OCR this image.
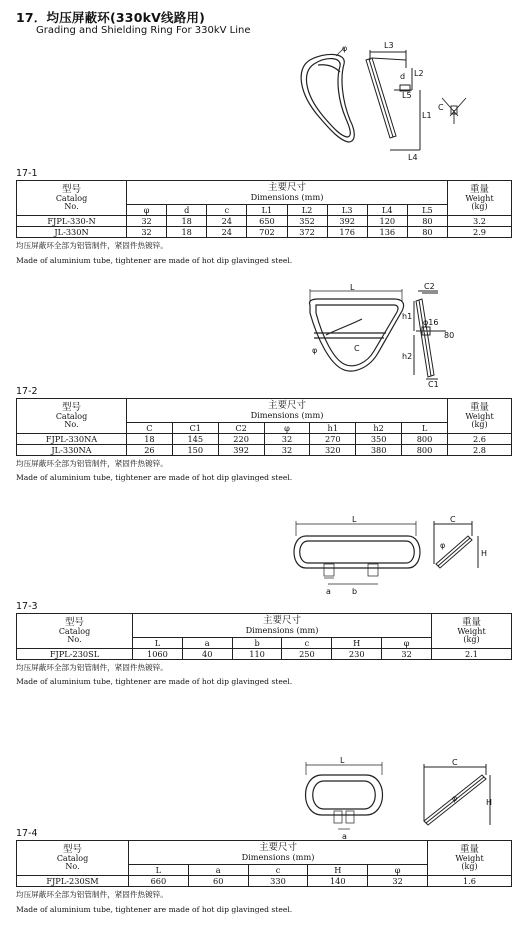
17．均压屏蔽环(330kV线路用)
Grading and Shielding Ring For 330kV Line
φ	L3
d L2
L5
L1
L4
C
17-1
型号
Catalog
No.	主要尺寸
Dimensions (mm)								重量
Weight
(kg)

	φ	d	c	L1	L2	L3	L4	L5	
FJPL-330-N	32	18	24	650	352	392	120	80	3.2
JL-330N	32	18	24	702	372	176	136	80	2.9
均压屏蔽环全部为铝管制件，紧固件热镀锌。
Made of aluminium tube, tightener are made of hot dip glavinged steel.
L
φ	C
C2
φ16
h1
80
h2
C1
17-2
型号
Catalog
No.	主要尺寸
Dimensions (mm)							重量
Weight
(kg)

	C	C1	C2	φ	h1	h2	L	
FJPL-330NA	18	145	220	32	270	350	800	2.6
JL-330NA	26	150	392	32	320	380	800	2.8
均压屏蔽环全部为铝管制件，紧固件热镀锌。
Made of aluminium tube, tightener are made of hot dip glavinged steel.
L
a	b
C
φ
H
17-3
型号
Catalog
No.	主要尺寸
Dimensions (mm)						重量
Weight
(kg)

	L	a	b	c	H	φ	
FJPL-230SL	1060	40	110	250	230	32	2.1
均压屏蔽环全部为铝管制件，紧固件热镀锌。
Made of aluminium tube, tightener are made of hot dip glavinged steel.
L
a
C
φ	H
17-4
型号
Catalog
No.	主要尺寸
Dimensions (mm)					重量
Weight
(kg)

	L	a	c	H	φ	
FJPL-230SM	660	60	330	140	32	1.6
均压屏蔽环全部为铝管制件，紧固件热镀锌。
Made of aluminium tube, tightener are made of hot dip glavinged steel.
